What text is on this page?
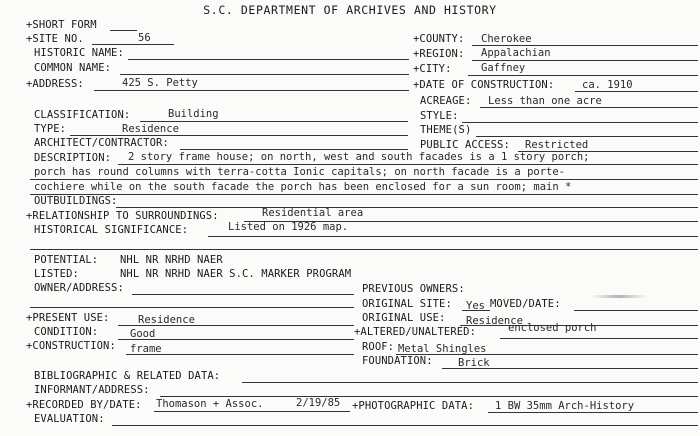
S.C. DEPARTMENT OF ARCHIVES AND HISTORY
+SHORT FORM
+SITE NO.	56	+COUNTY: Cherokee
HISTORIC NAME:	+REGION: Appalachian
COMMON NAME:	+CITY:	Gaffney
+ADDRESS:	425 S. Petty	+DATE OF CONSTRUCTION:	ca. 1910
ACREAGE: Less than one acre
CLASSIFICATION:	Building	STYLE:
TYPE:	Residence	THEME(S)
ARCHITECT/CONTRACTOR:	PUBLIC ACCESS: Restricted
DESCRIPTION: 2 story frame house; on north, west and south facades is a 1 story porch;
porch has round columns with terra-cotta Ionic capitals; on north facade is a porte-
cochiere while on the south facade the porch has been enclosed for a sun room; main *
OUTBUILDINGS:
+RELATIONSHIP TO SURROUNDINGS:	Residential area
HISTORICAL SIGNIFICANCE:	Listed on 1926 map.
POTENTIAL: NHL NR NRHD NAER
LISTED:	NHL NR NRHD NAER S.C. MARKER PROGRAM
OWNER/ADDRESS:	PREVIOUS OWNERS:
ORIGINAL SITE: Yes MOVED/DATE:
+PRESENT USE:	Residence	ORIGINAL USE: Residence
CONDITION:	Good	+ALTERED/UNALTERED:	enclosed porch
+CONSTRUCTION: frame	ROOF: Metal Shingles
FOUNDATION: Brick
BIBLIOGRAPHIC & RELATED DATA:
INFORMANT/ADDRESS:
+RECORDED BY/DATE: Thomason + Assoc.	2/19/85 +PHOTOGRAPHIC DATA: 1 BW 35mm Arch-History
EVALUATION:
